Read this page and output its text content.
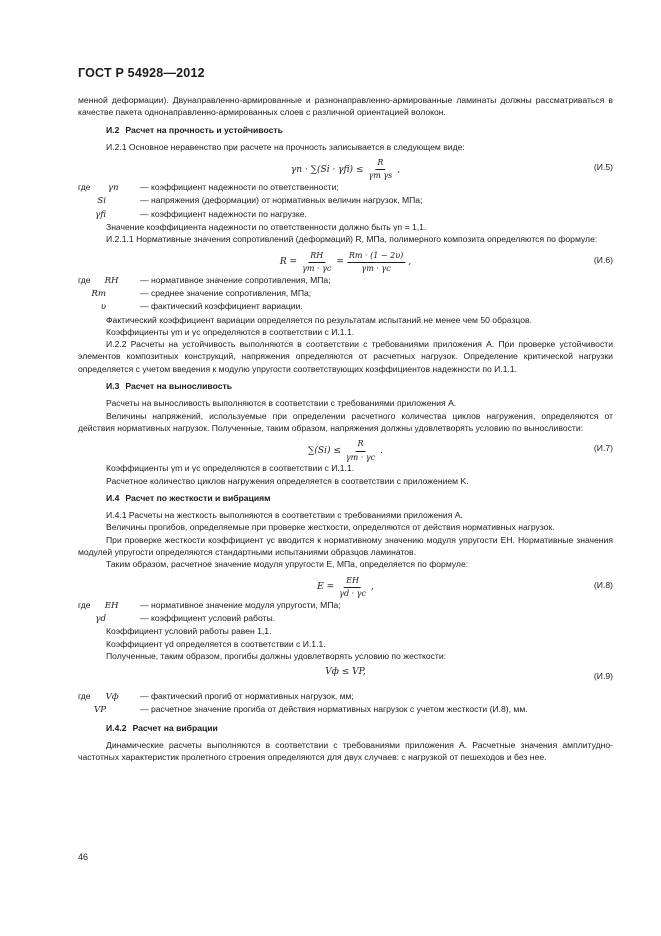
ГОСТ Р 54928—2012

менной деформации). Двунаправленно-армированные и разнонаправленно-армированные ламинаты должны рассматриваться в качестве пакета однонаправленно-армированных слоев с различной ориентацией волокон.

И.2 Расчет на прочность и устойчивость

И.2.1 Основное неравенство при расчете на прочность записывается в следующем виде:

$\gamma n \cdot \sum(Si \cdot \gamma fi) \le \frac{R}{\text{γm γs}}$ ,	(И.5)
где γn	— коэффициент надежности по ответственности;
Si	— напряжения (деформации) от нормативных величин нагрузок, МПа;
γfi	— коэффициент надежности по нагрузке.

Значение коэффициента надежности по ответственности должно быть γn = 1,1.

И.2.1.1 Нормативные значения сопротивлений (деформаций) R, МПа, полимерного композита определяются по формуле:

$R = \frac{RH}{\gamma m \cdot \gamma c} = \frac{Rm \cdot (1 - 2\upsilon)}{\gamma m \cdot \gamma c}$ ,	(И.6)
где RH	— нормативное значение сопротивления, МПа;
Rm	— среднее значение сопротивления, МПа;
υ	— фактический коэффициент вариации.

Фактический коэффициент вариации определяется по результатам испытаний не менее чем 50 образцов.

Коэффициенты γm и γc определяются в соответствии с И.1.1.

И.2.2 Расчеты на устойчивость выполняются в соответствии с требованиями приложения А. При проверке устойчивости элементов композитных конструкций, напряжения определяются от расчетных нагрузок. Определение критической нагрузки определяется с учетом введения к модулю упругости соответствующих коэффициентов надежности по И.1.1.

И.3 Расчет на выносливость

Расчеты на выносливость выполняются в соответствии с требованиями приложения А.

Величины напряжений, используемые при определении расчетного количества циклов нагружения, определяются от действия нормативных нагрузок. Полученные, таким образом, напряжения должны удовлетворять условию по выносливости:

$\sum(Si) \le \frac{R}{\gamma m \cdot \gamma c}$ .	(И.7)

Коэффициенты γm и γc определяются в соответствии с И.1.1.

Расчетное количество циклов нагружения определяется в соответствии с приложением K.

И.4 Расчет по жесткости и вибрациям

И.4.1 Расчеты на жесткость выполняются в соответствии с требованиями приложения А.

Величины прогибов, определяемые при проверке жесткости, определяются от действия нормативных нагрузок.

При проверке жесткости коэффициент γc вводится к нормативному значению модуля упругости EH. Нормативные значения модулей упругости определяются стандартными испытаниями образцов ламинатов.

Таким образом, расчетное значение модуля упругости E, МПа, определяется по формуле:

$E = \frac{EH}{\gamma d \cdot \gamma c}$ ,	(И.8)
где EH	— нормативное значение модуля упругости, МПа;
γd	— коэффициент условий работы.

Коэффициент условий работы равен 1,1.

Коэффициент γd определяется в соответствии с И.1.1.

Полученные, таким образом, прогибы должны удовлетворять условию по жесткости:

Vф ≤ VP,	(И.9)
где Vф	— фактический прогиб от нормативных нагрузок, мм;
VP	— расчетное значение прогиба от действия нормативных нагрузок с учетом жесткости (И.8), мм.

И.4.2 Расчет на вибрации

Динамические расчеты выполняются в соответствии с требованиями приложения А. Расчетные значения амплитудно-частотных характеристик пролетного строения определяются для двух случаев: с нагрузкой от пешеходов и без нее.

46
